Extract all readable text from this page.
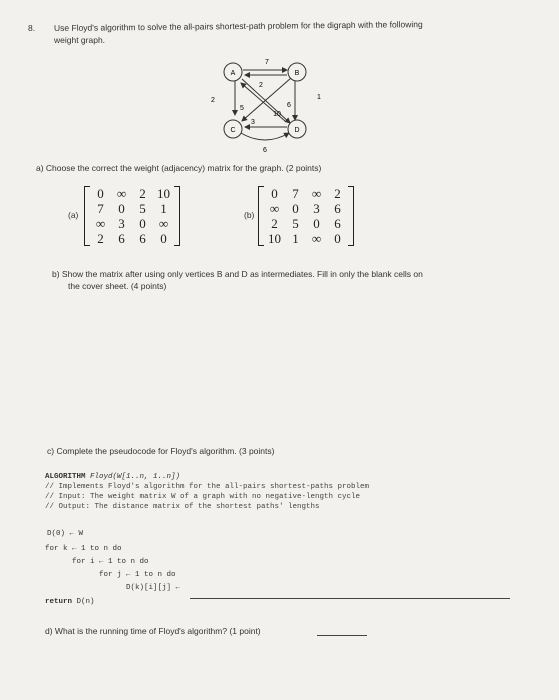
8. Use Floyd's algorithm to solve the all-pairs shortest-path problem for the digraph with the following
weight graph.
A	B
C	D
7
2
2	1
6
5
3
10
6
a) Choose the correct the weight (adjacency) matrix for the graph. (2 points)
(a)
0	∞	2 10
7	0	5	1
∞	3	0	∞
2	6	6	0
(b)
0	7	∞	2
∞	0	3	6
2	5	0	6
10 1	∞	0
b) Show the matrix after using only vertices B and D as intermediates. Fill in only the blank cells on
the cover sheet. (4 points)
c) Complete the pseudocode for Floyd's algorithm. (3 points)
ALGORITHM Floyd(W[1..n, 1..n])
// Implements Floyd's algorithm for the all-pairs shortest-paths problem
// Input: The weight matrix W of a graph with no negative-length cycle
// Output: The distance matrix of the shortest paths' lengths
D(0) ← W
for k ← 1 to n do
for i ← 1 to n do
for j ← 1 to n do
D(k)[i][j] ←
return D(n)
d) What is the running time of Floyd's algorithm? (1 point)
